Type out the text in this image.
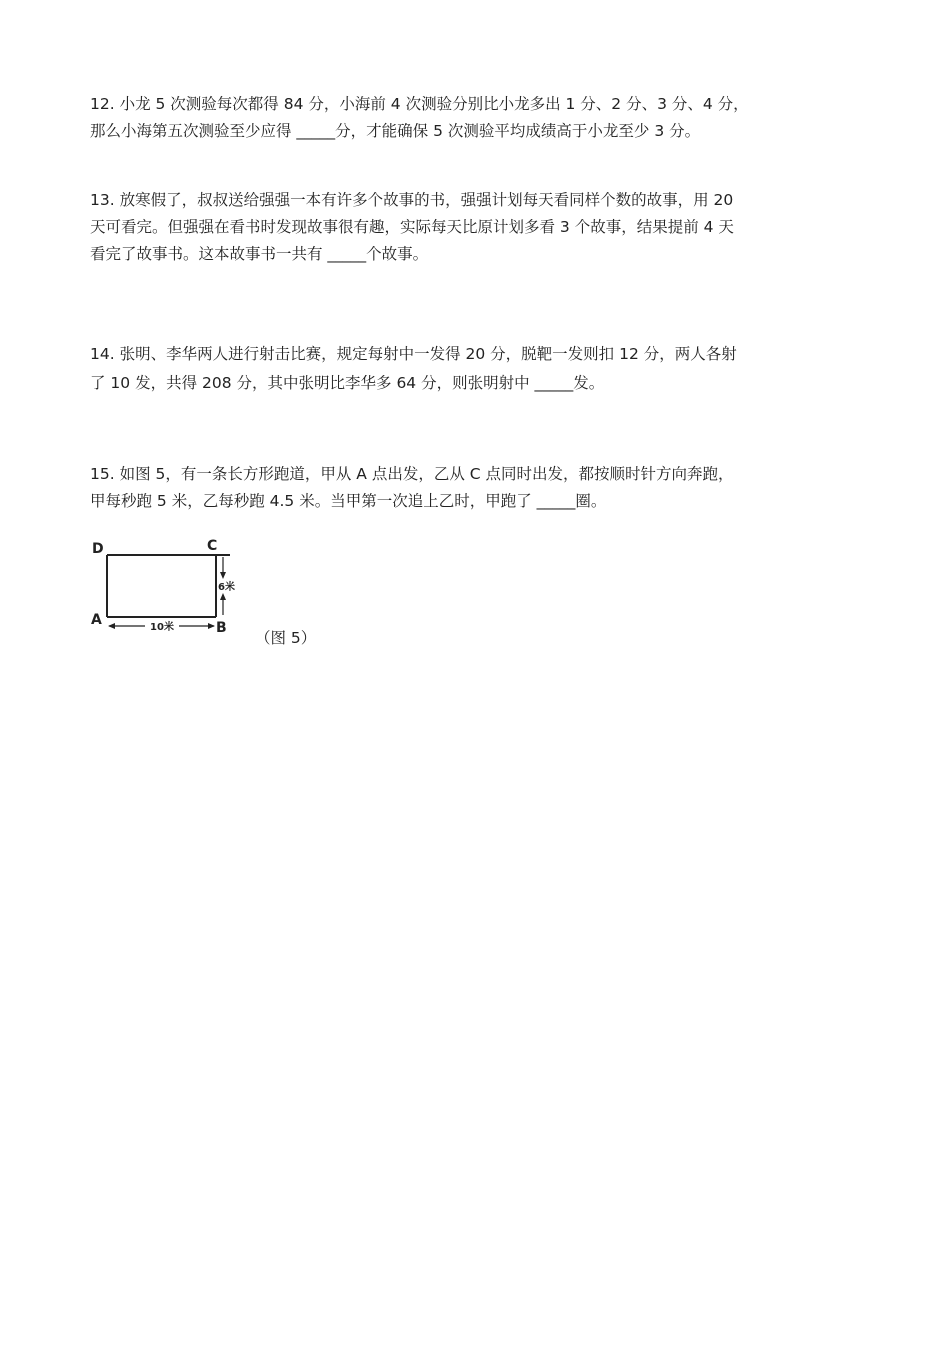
12. 小龙 5 次测验每次都得 84 分，小海前 4 次测验分别比小龙多出 1 分、2 分、3 分、4 分，

那么小海第五次测验至少应得 _____分，才能确保 5 次测验平均成绩高于小龙至少 3 分。

13. 放寒假了，叔叔送给强强一本有许多个故事的书，强强计划每天看同样个数的故事，用 20

天可看完。但强强在看书时发现故事很有趣，实际每天比原计划多看 3 个故事，结果提前 4 天

看完了故事书。这本故事书一共有 _____个故事。

14. 张明、李华两人进行射击比赛，规定每射中一发得 20 分，脱靶一发则扣 12 分，两人各射

了 10 发，共得 208 分，其中张明比李华多 64 分，则张明射中 _____发。

15. 如图 5，有一条长方形跑道，甲从 A 点出发，乙从 C 点同时出发，都按顺时针方向奔跑，

甲每秒跑 5 米，乙每秒跑 4.5 米。当甲第一次追上乙时，甲跑了 _____圈。

10米
6米
D	C
A	B
（图 5）
